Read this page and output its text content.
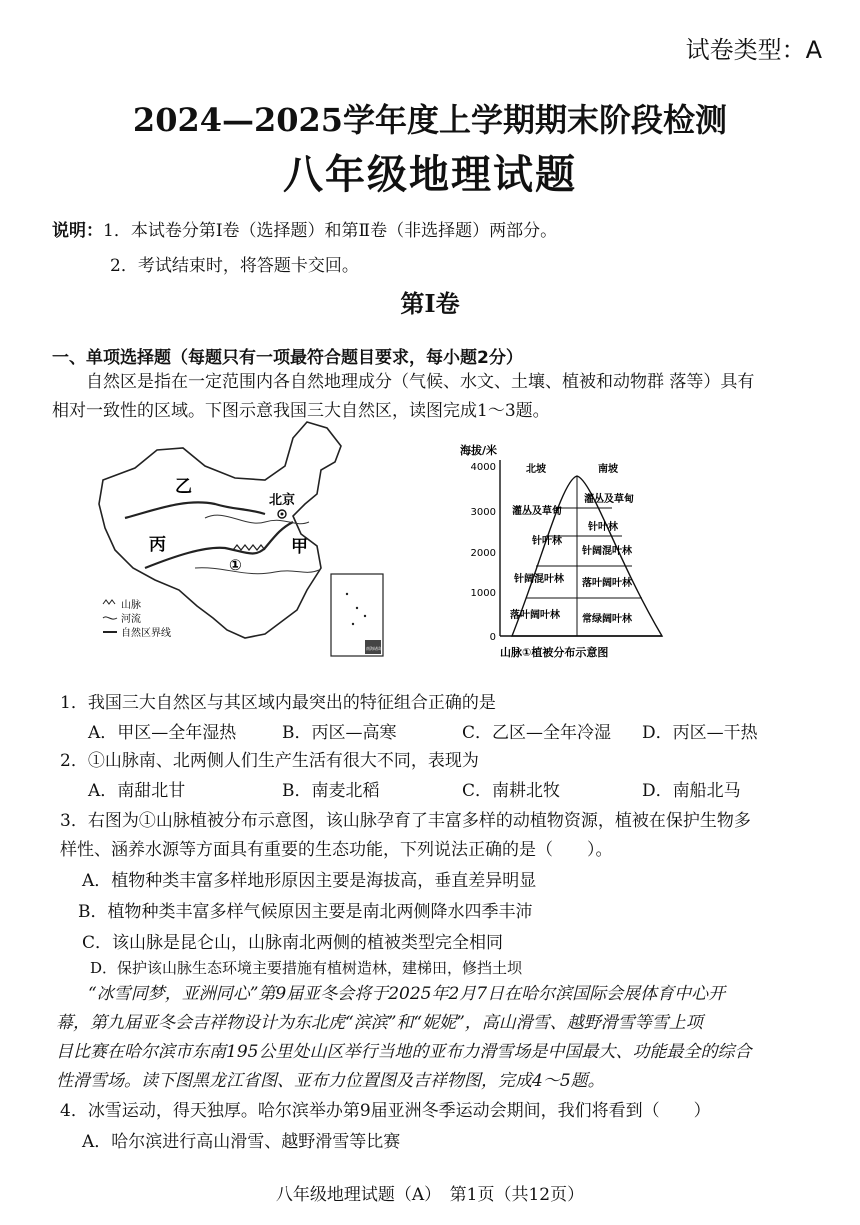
试卷类型：A
2024—2025学年度上学期期末阶段检测
八年级地理试题
说明：1．本试卷分第Ⅰ卷（选择题）和第Ⅱ卷（非选择题）两部分。
2．考试结束时，将答题卡交回。
第Ⅰ卷
一、单项选择题（每题只有一项最符合题目要求，每小题2分）
自然区是指在一定范围内各自然地理成分（气候、水文、土壤、植被和动物群 落等）具有
相对一致性的区域。下图示意我国三大自然区，读图完成1～3题。
乙
北京
丙	甲
①
山脉
河流
自然区界线
南海诸岛
海拔/米
4000
3000
2000
1000
0
北坡	南坡
灌丛及草甸
针叶林
针阔混叶林
落叶阔叶林
灌丛及草甸
针叶林
针阔混叶林
落叶阔叶林
常绿阔叶林
山脉①植被分布示意图
1．我国三大自然区与其区域内最突出的特征组合正确的是
A．甲区—全年湿热	B．丙区—高寒	C．乙区—全年冷湿 D．丙区—干热
2．①山脉南、北两侧人们生产生活有很大不同，表现为
A．南甜北甘	B．南麦北稻	C．南耕北牧	D．南船北马
3．右图为①山脉植被分布示意图，该山脉孕育了丰富多样的动植物资源，植被在保护生物多
样性、涵养水源等方面具有重要的生态功能，下列说法正确的是（　　）。
A．植物种类丰富多样地形原因主要是海拔高，垂直差异明显
B．植物种类丰富多样气候原因主要是南北两侧降水四季丰沛
C．该山脉是昆仑山，山脉南北两侧的植被类型完全相同
D．保护该山脉生态环境主要措施有植树造林，建梯田，修挡土坝
“冰雪同梦，亚洲同心”第9届亚冬会将于2025年2月7日在哈尔滨国际会展体育中心开
幕，第九届亚冬会吉祥物设计为东北虎“滨滨”和“妮妮”，高山滑雪、越野滑雪等雪上项
目比赛在哈尔滨市东南195公里处山区举行当地的亚布力滑雪场是中国最大、功能最全的综合
性滑雪场。读下图黑龙江省图、亚布力位置图及吉祥物图，完成4～5题。
4．冰雪运动，得天独厚。哈尔滨举办第9届亚洲冬季运动会期间，我们将看到（　　）
A．哈尔滨进行高山滑雪、越野滑雪等比赛
八年级地理试题（A）　第1页（共12页）
